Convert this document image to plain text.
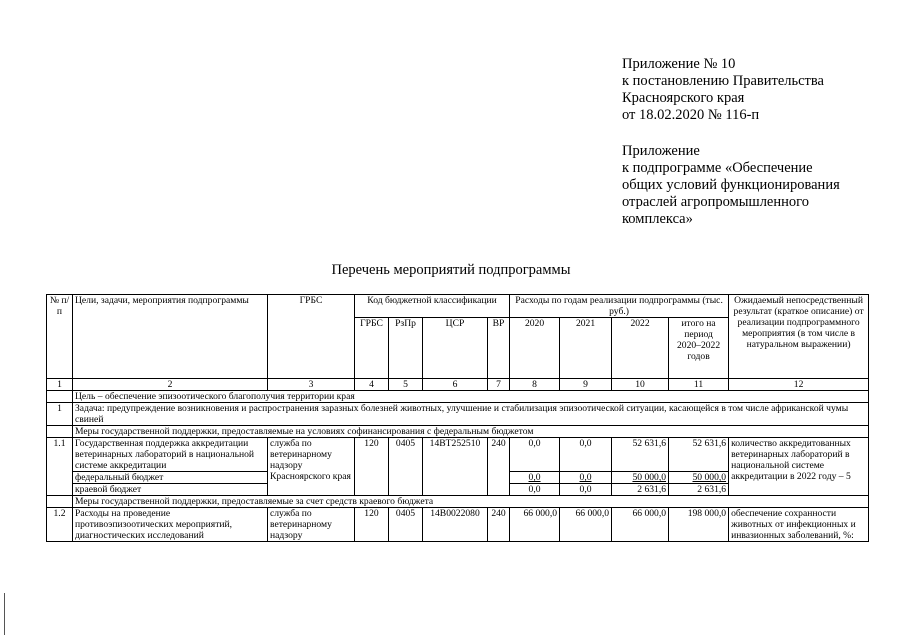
Приложение № 10
к постановлению Правительства
Красноярского края
от 18.02.2020 № 116-п
Приложение
к подпрограмме «Обеспечение
общих условий функционирования
отраслей агропромышленного
комплекса»
Перечень мероприятий подпрограммы
№ п/п	Цели, задачи, мероприятия подпрограммы	ГРБС	Код бюджетной классификации				Расходы по годам реализации подпрограммы (тыс. руб.)				Ожидаемый непосредственный результат (краткое описание) от реализации подпрограммного мероприятия (в том числе в натуральном выражении)
			ГРБС	РзПр	ЦСР	ВР	2020	2021	2022	итого на период 2020–2022 годов	
1	2	3	4	5	6	7	8	9	10	11	12
	Цель – обеспечение эпизоотического благополучия территории края										
1	Задача: предупреждение возникновения и распространения заразных болезней животных, улучшение и стабилизация эпизоотической ситуации, касающейся в том числе африканской чумы свиней										
	Меры государственной поддержки, предоставляемые на условиях софинансирования с федеральным бюджетом										
1.1	Государственная поддержка аккредитации ветеринарных лабораторий в национальной системе аккредитации	служба по ветеринарному надзору Красноярского края	120	0405	14BT252510	240	0,0	0,0	52 631,6	52 631,6	количество аккредитованных ветеринарных лабораторий в национальной системе аккредитации в 2022 году – 5
	федеральный бюджет						0,0	0,0	50 000,0	50 000,0	
	краевой бюджет						0,0	0,0	2 631,6	2 631,6	
	Меры государственной поддержки, предоставляемые за счет средств краевого бюджета										
1.2	Расходы на проведение противоэпизоотических мероприятий, диагностических исследований	служба по ветеринарному надзору	120	0405	14B0022080	240	66 000,0	66 000,0	66 000,0	198 000,0	обеспечение сохранности животных от инфекционных и инвазионных заболеваний, %:
